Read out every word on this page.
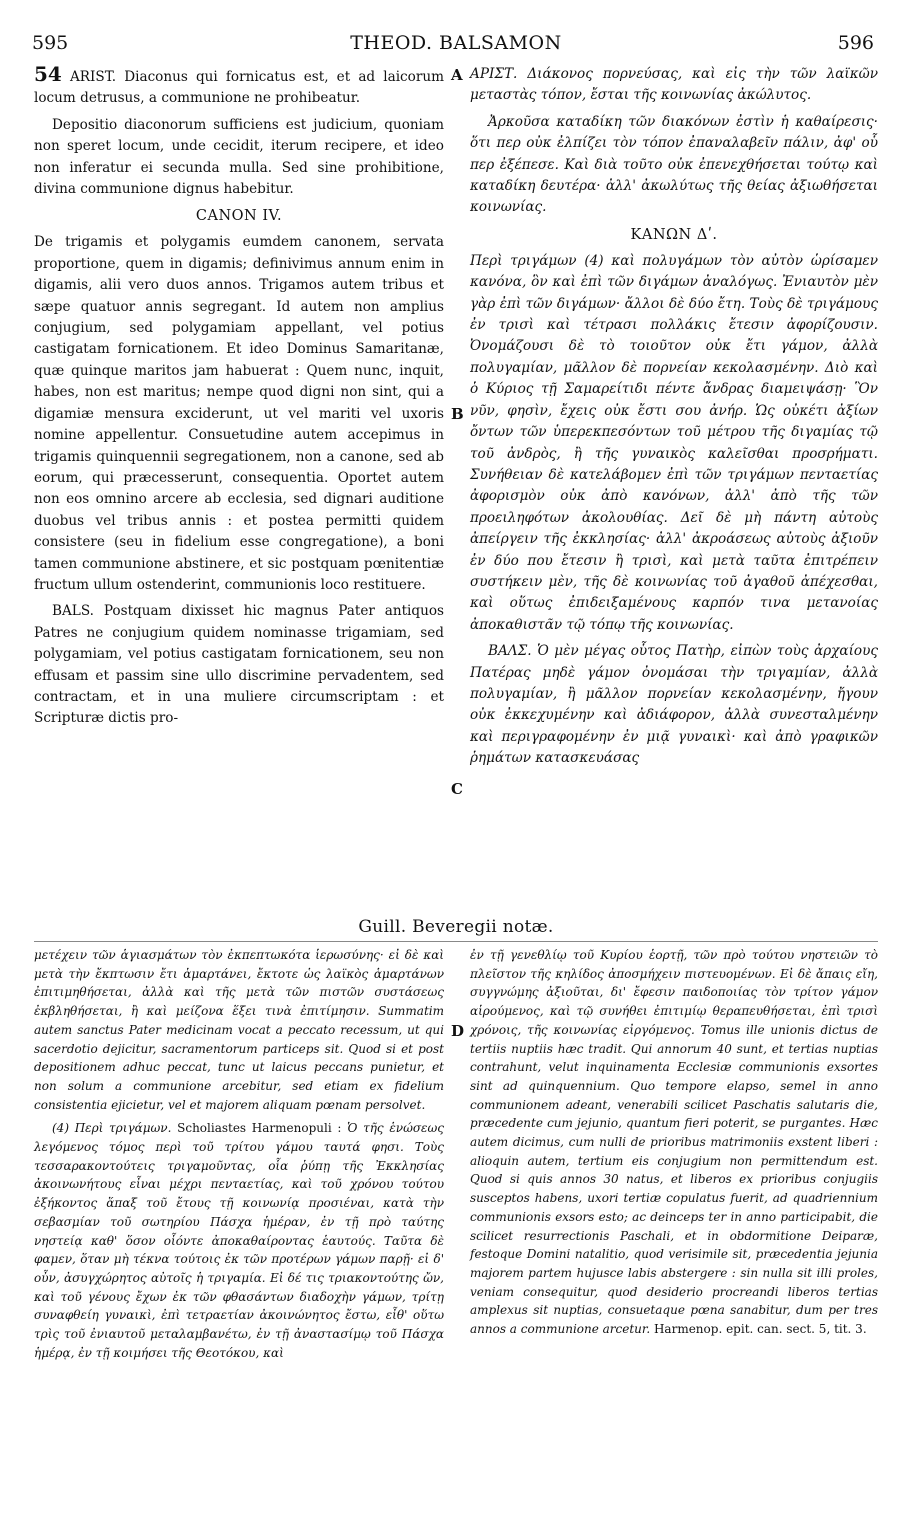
595	THEOD. BALSAMON	596
A
B
C
D

54 ARIST. Diaconus qui fornicatus est, et ad laicorum locum detrusus, a communione ne prohibeatur.

Depositio diaconorum sufficiens est judicium, quoniam non speret locum, unde cecidit, iterum recipere, et ideo non inferatur ei secunda mulla. Sed sine prohibitione, divina communione dignus habebitur.

CANON IV.

De trigamis et polygamis eumdem canonem, servata proportione, quem in digamis; definivimus annum enim in digamis, alii vero duos annos. Trigamos autem tribus et sæpe quatuor annis segregant. Id autem non amplius conjugium, sed polygamiam appellant, vel potius castigatam fornicationem. Et ideo Dominus Samaritanæ, quæ quinque maritos jam habuerat : Quem nunc, inquit, habes, non est maritus; nempe quod digni non sint, qui a digamiæ mensura exciderunt, ut vel mariti vel uxoris nomine appellentur. Consuetudine autem accepimus in trigamis quinquennii segregationem, non a canone, sed ab eorum, qui præcesserunt, consequentia. Oportet autem non eos omnino arcere ab ecclesia, sed dignari auditione duobus vel tribus annis : et postea permitti quidem consistere (seu in fidelium esse congregatione), a boni tamen communione abstinere, et sic postquam pœnitentiæ fructum ullum ostenderint, communionis loco restituere.

BALS. Postquam dixisset hic magnus Pater antiquos Patres ne conjugium quidem nominasse trigamiam, sed polygamiam, vel potius castigatam fornicationem, seu non effusam et passim sine ullo discrimine pervadentem, sed contractam, et in una muliere circumscriptam : et Scripturæ dictis pro-

ΑΡΙΣΤ. Διάκονος πορνεύσας, καὶ εἰς τὴν τῶν λαϊκῶν μεταστὰς τόπον, ἔσται τῆς κοινωνίας ἀκώλυτος.

Ἀρκοῦσα καταδίκη τῶν διακόνων ἐστὶν ἡ καθαίρεσις· ὅτι περ οὐκ ἐλπίζει τὸν τόπον ἐπαναλαβεῖν πάλιν, ἀφ' οὗ περ ἐξέπεσε. Καὶ διὰ τοῦτο οὐκ ἐπενεχθήσεται τούτῳ καὶ καταδίκη δευτέρα· ἀλλ' ἀκωλύτως τῆς θείας ἀξιωθήσεται κοινωνίας.

ΚΑΝΩΝ Δʹ.

Περὶ τριγάμων (4) καὶ πολυγάμων τὸν αὐτὸν ὡρίσαμεν κανόνα, ὃν καὶ ἐπὶ τῶν διγάμων ἀναλόγως. Ἐνιαυτὸν μὲν γὰρ ἐπὶ τῶν διγάμων· ἄλλοι δὲ δύο ἔτη. Τοὺς δὲ τριγάμους ἐν τρισὶ καὶ τέτρασι πολλάκις ἔτεσιν ἀφορίζουσιν. Ὀνομάζουσι δὲ τὸ τοιοῦτον οὐκ ἔτι γάμον, ἀλλὰ πολυγαμίαν, μᾶλλον δὲ πορνείαν κεκολασμένην. Διὸ καὶ ὁ Κύριος τῇ Σαμαρείτιδι πέντε ἄνδρας διαμειψάσῃ· Ὃν νῦν, φησὶν, ἔχεις οὐκ ἔστι σου ἀνήρ. Ὡς οὐκέτι ἀξίων ὄντων τῶν ὑπερεκπεσόντων τοῦ μέτρου τῆς διγαμίας τῷ τοῦ ἀνδρὸς, ἢ τῆς γυναικὸς καλεῖσθαι προσρήματι. Συνήθειαν δὲ κατελάβομεν ἐπὶ τῶν τριγάμων πενταετίας ἀφορισμὸν οὐκ ἀπὸ κανόνων, ἀλλ' ἀπὸ τῆς τῶν προειληφότων ἀκολουθίας. Δεῖ δὲ μὴ πάντη αὐτοὺς ἀπείργειν τῆς ἐκκλησίας· ἀλλ' ἀκροάσεως αὐτοὺς ἀξιοῦν ἐν δύο που ἔτεσιν ἢ τρισὶ, καὶ μετὰ ταῦτα ἐπιτρέπειν συστήκειν μὲν, τῆς δὲ κοινωνίας τοῦ ἀγαθοῦ ἀπέχεσθαι, καὶ οὕτως ἐπιδειξαμένους καρπόν τινα μετανοίας ἀποκαθιστᾶν τῷ τόπῳ τῆς κοινωνίας.

ΒΑΛΣ. Ὁ μὲν μέγας οὗτος Πατὴρ, εἰπὼν τοὺς ἀρχαίους Πατέρας μηδὲ γάμον ὀνομάσαι τὴν τριγαμίαν, ἀλλὰ πολυγαμίαν, ἢ μᾶλλον πορνείαν κεκολασμένην, ἤγουν οὐκ ἐκκεχυμένην καὶ ἀδιάφορον, ἀλλὰ συνεσταλμένην καὶ περιγραφομένην ἐν μιᾷ γυναικὶ· καὶ ἀπὸ γραφικῶν ῥημάτων κατασκευάσας

Guill. Beveregii notæ.

μετέχειν τῶν ἁγιασμάτων τὸν ἐκπεπτωκότα ἱερωσύνης· εἰ δὲ καὶ μετὰ τὴν ἔκπτωσιν ἔτι ἁμαρτάνει, ἔκτοτε ὡς λαϊκὸς ἁμαρτάνων ἐπιτιμηθήσεται, ἀλλὰ καὶ τῆς μετὰ τῶν πιστῶν συστάσεως ἐκβληθήσεται, ἢ καὶ μείζονα ἕξει τινὰ ἐπιτίμησιν. Summatim autem sanctus Pater medicinam vocat a peccato recessum, ut qui sacerdotio dejicitur, sacramentorum particeps sit. Quod si et post depositionem adhuc peccat, tunc ut laicus peccans punietur, et non solum a communione arcebitur, sed etiam ex fidelium consistentia ejicietur, vel et majorem aliquam pœnam persolvet.

(4) Περὶ τριγάμων. Scholiastes Harmenopuli : Ὁ τῆς ἑνώσεως λεγόμενος τόμος περὶ τοῦ τρίτου γάμου ταυτά φησι. Τοὺς τεσσαρακοντούτεις τριγαμοῦντας, οἷα ῥύπῃ τῆς Ἐκκλησίας ἀκοινωνήτους εἶναι μέχρι πενταετίας, καὶ τοῦ χρόνου τούτου ἐξήκοντος ἅπαξ τοῦ ἔτους τῇ κοινωνίᾳ προσιέναι, κατὰ τὴν σεβασμίαν τοῦ σωτηρίου Πάσχα ἡμέραν, ἐν τῇ πρὸ ταύτης νηστείᾳ καθ' ὅσον οἷόντε ἀποκαθαίροντας ἑαυτούς. Ταῦτα δὲ φαμεν, ὅταν μὴ τέκνα τούτοις ἐκ τῶν προτέρων γάμων παρῇ· εἰ δ' οὖν, ἀσυγχώρητος αὐτοῖς ἡ τριγαμία. Εἰ δέ τις τριακοντούτης ὤν, καὶ τοῦ γένους ἔχων ἐκ τῶν φθασάντων διαδοχὴν γάμων, τρίτῃ συναφθείη γυναικὶ, ἐπὶ τετραετίαν ἀκοινώνητος ἔστω, εἶθ' οὕτω τρὶς τοῦ ἐνιαυτοῦ μεταλαμβανέτω, ἐν τῇ ἀναστασίμῳ τοῦ Πάσχα ἡμέρᾳ, ἐν τῇ κοιμήσει τῆς Θεοτόκου, καὶ

ἐν τῇ γενεθλίῳ τοῦ Κυρίου ἑορτῇ, τῶν πρὸ τούτου νηστειῶν τὸ πλεῖστον τῆς κηλίδος ἀποσμήχειν πιστευομένων. Εἰ δὲ ἄπαις εἴη, συγγνώμης ἀξιοῦται, δι' ἔφεσιν παιδοποιίας τὸν τρίτον γάμον αἱρούμενος, καὶ τῷ συνήθει ἐπιτιμίῳ θεραπευθήσεται, ἐπὶ τρισὶ χρόνοις, τῆς κοινωνίας εἰργόμενος. Tomus ille unionis dictus de tertiis nuptiis hæc tradit. Qui annorum 40 sunt, et tertias nuptias contrahunt, velut inquinamenta Ecclesiæ communionis exsortes sint ad quinquennium. Quo tempore elapso, semel in anno communionem adeant, venerabili scilicet Paschatis salutaris die, præcedente cum jejunio, quantum fieri poterit, se purgantes. Hæc autem dicimus, cum nulli de prioribus matrimoniis exstent liberi : alioquin autem, tertium eis conjugium non permittendum est. Quod si quis annos 30 natus, et liberos ex prioribus conjugiis susceptos habens, uxori tertiæ copulatus fuerit, ad quadriennium communionis exsors esto; ac deinceps ter in anno participabit, die scilicet resurrectionis Paschali, et in obdormitione Deiparæ, festoque Domini natalitio, quod verisimile sit, præcedentia jejunia majorem partem hujusce labis abstergere : sin nulla sit illi proles, veniam consequitur, quod desiderio procreandi liberos tertias amplexus sit nuptias, consuetaque pœna sanabitur, dum per tres annos a communione arcetur. Harmenop. epit. can. sect. 5, tit. 3.
